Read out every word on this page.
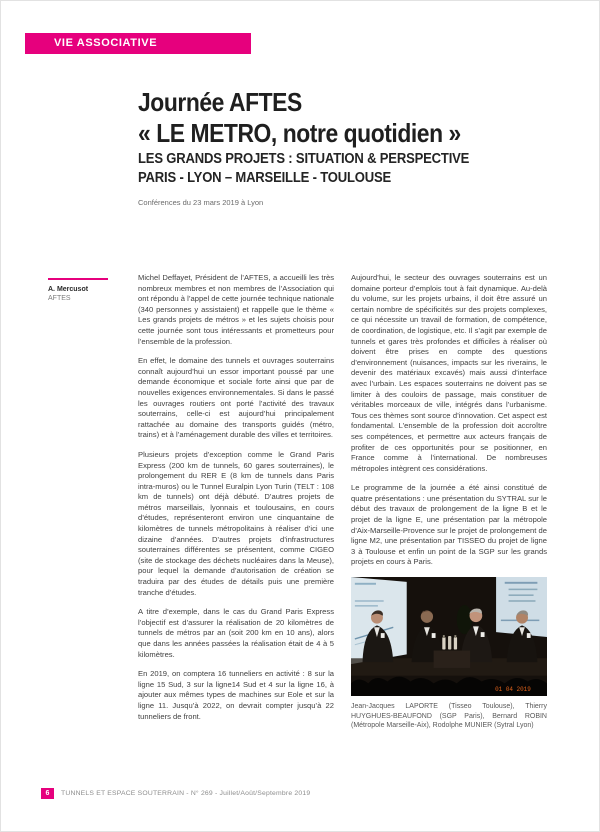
VIE ASSOCIATIVE
Journée AFTES
« LE METRO, notre quotidien »
LES GRANDS PROJETS : SITUATION & PERSPECTIVE
PARIS - LYON – MARSEILLE - TOULOUSE
Conférences du 23 mars 2019 à Lyon
A. Mercusot
AFTES

Michel Deffayet, Président de l’AFTES, a accueilli les très nombreux membres et non membres de l’Association qui ont répondu à l’appel de cette journée technique nationale (340 personnes y assistaient) et rappelle que le thème « Les grands projets de métros » et les sujets choisis pour cette journée sont tous intéressants et prometteurs pour l’ensemble de la profession.

En effet, le domaine des tunnels et ouvrages souterrains connaît aujourd’hui un essor important poussé par une demande économique et sociale forte ainsi que par de nouvelles exigences environnementales. Si dans le passé les ouvrages routiers ont porté l’activité des travaux souterrains, celle-ci est aujourd’hui principalement rattachée au domaine des transports guidés (métro, trains) et à l’aménagement durable des villes et territoires.

Plusieurs projets d’exception comme le Grand Paris Express (200 km de tunnels, 60 gares souterraines), le prolongement du RER E (8 km de tunnels dans Paris intra-muros) ou le Tunnel Euralpin Lyon Turin (TELT : 108 km de tunnels) ont déjà débuté. D’autres projets de métros marseillais, lyonnais et toulousains, en cours d’études, représenteront environ une cinquantaine de kilomètres de tunnels métropolitains à réaliser d’ici une dizaine d’années. D’autres projets d’infrastructures souterraines différentes se présentent, comme CIGEO (site de stockage des déchets nucléaires dans la Meuse), pour lequel la demande d’autorisation de création se traduira par des études de détails puis une première tranche d’études.

A titre d’exemple, dans le cas du Grand Paris Express l’objectif est d’assurer la réalisation de 20 kilomètres de tunnels de métros par an (soit 200 km en 10 ans), alors que dans les années passées la réalisation était de 4 à 5 kilomètres.

En 2019, on comptera 16 tunneliers en activité : 8 sur la ligne 15 Sud, 3 sur la ligne14 Sud et 4 sur la ligne 16, à ajouter aux mêmes types de machines sur Eole et sur la ligne 11. Jusqu’à 2022, on devrait compter jusqu’à 22 tunneliers de front.

Aujourd’hui, le secteur des ouvrages souterrains est un domaine porteur d’emplois tout à fait dynamique. Au-delà du volume, sur les projets urbains, il doit être assuré un certain nombre de spécificités sur des projets complexes, ce qui nécessite un travail de formation, de compétence, de coordination, de logistique, etc. Il s’agit par exemple de tunnels et gares très profondes et difficiles à réaliser où doivent être prises en compte des questions d’environnement (nuisances, impacts sur les riverains, le devenir des matériaux excavés) mais aussi d’interface avec l’urbain. Les espaces souterrains ne doivent pas se limiter à des couloirs de passage, mais constituer de véritables morceaux de ville, intégrés dans l’urbanisme. Tous ces thèmes sont source d’innovation. Cet aspect est fondamental. L’ensemble de la profession doit accroître ses compétences, et permettre aux acteurs français de profiter de ces opportunités pour se positionner, en France comme à l’international. De nombreuses métropoles intègrent ces considérations.

Le programme de la journée a été ainsi constitué de quatre présentations : une présentation du SYTRAL sur le début des travaux de prolongement de la ligne B et le projet de la ligne E, une présentation par la métropole d’Aix-Marseille-Provence sur le projet de prolongement de ligne M2, une présentation par TISSEO du projet de ligne 3 à Toulouse et enfin un point de la SGP sur les grands projets en cours à Paris.

01 04 2019
Jean-Jacques LAPORTE (Tisseo Toulouse), Thierry HUYGHUES-BEAUFOND (SGP Paris), Bernard ROBIN (Métropole Marseille-Aix), Rodolphe MUNIER (Sytral Lyon)
6	TUNNELS ET ESPACE SOUTERRAIN - N° 269 - Juillet/Août/Septembre 2019
